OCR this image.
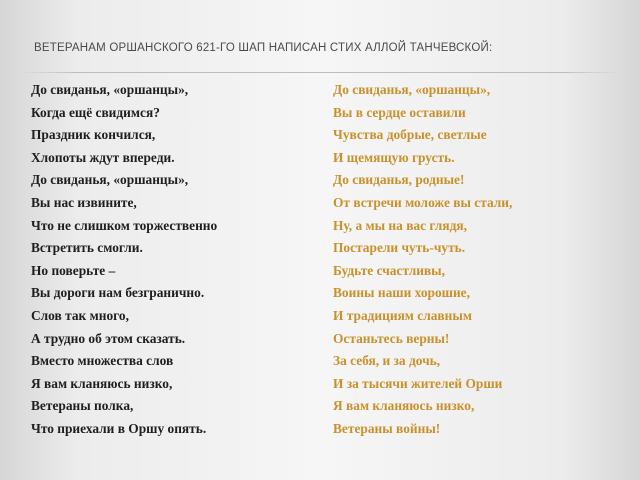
ВЕТЕРАНАМ ОРШАНСКОГО 621-ГО ШАП НАПИСАН СТИХ АЛЛОЙ ТАНЧЕВСКОЙ:
До свиданья, «оршанцы»,
Когда ещё свидимся?
Праздник кончился,
Хлопоты ждут впереди.
До свиданья, «оршанцы»,
Вы нас извините,
Что не слишком торжественно
Встретить смогли.
Но поверьте –
Вы дороги нам безгранично.
Слов так много,
А трудно об этом сказать.
Вместо множества слов
Я вам кланяюсь низко,
Ветераны полка,
Что приехали в Оршу опять.
До свиданья, «оршанцы»,
Вы в сердце оставили
Чувства добрые, светлые
И щемящую грусть.
До свиданья, родные!
От встречи моложе вы стали,
Ну, а мы на вас глядя,
Постарели чуть-чуть.
Будьте счастливы,
Воины наши хорошие,
И традициям славным
Останьтесь верны!
За себя, и за дочь,
И за тысячи жителей Орши
Я вам кланяюсь низко,
Ветераны войны!
